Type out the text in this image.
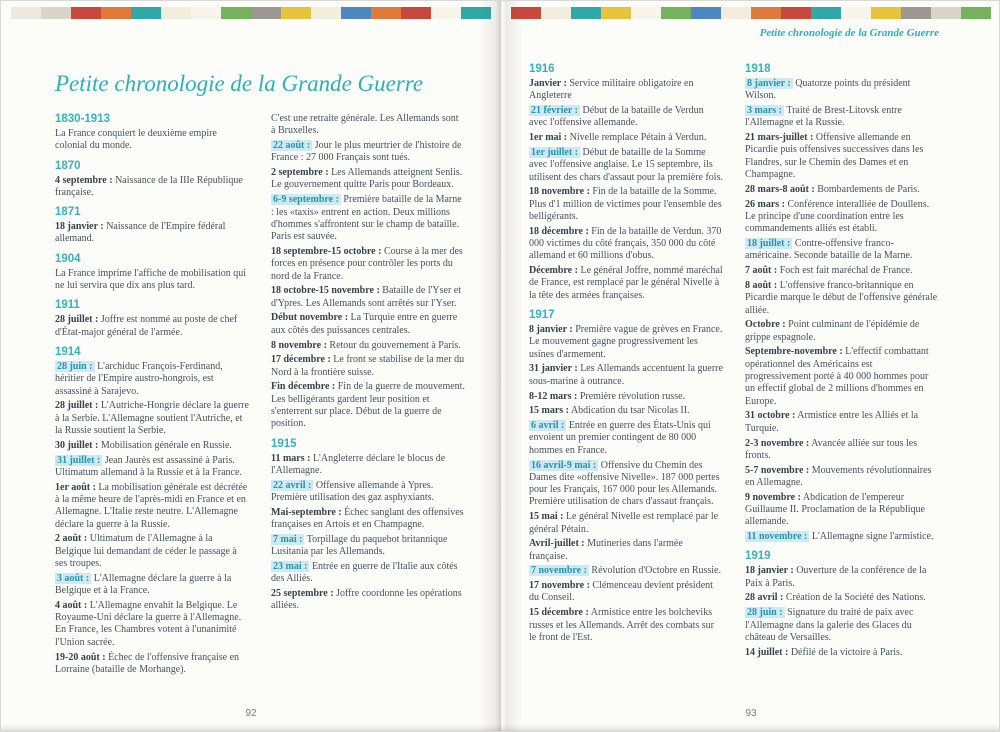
Petite chronologie de la Grande Guerre
1830-1913

La France conquiert le deuxième empire colonial du monde.

1870

4 septembre : Naissance de la IIIe République française.

1871

18 janvier : Naissance de l'Empire fédéral allemand.

1904

La France imprime l'affiche de mobilisation qui ne lui servira que dix ans plus tard.

1911

28 juillet : Joffre est nommé au poste de chef d'État-major général de l'armée.

1914

28 juin : L'archiduc François-Ferdinand, héritier de l'Empire austro-hongrois, est assassiné à Sarajevo.

28 juillet : L'Autriche-Hongrie déclare la guerre à la Serbie. L'Allemagne soutient l'Autriche, et la Russie soutient la Serbie.

30 juillet : Mobilisation générale en Russie.

31 juillet : Jean Jaurès est assassiné à Paris. Ultimatum allemand à la Russie et à la France.

1er août : La mobilisation générale est décrétée à la même heure de l'après-midi en France et en Allemagne. L'Italie reste neutre. L'Allemagne déclare la guerre à la Russie.

2 août : Ultimatum de l'Allemagne à la Belgique lui demandant de céder le passage à ses troupes.

3 août : L'Allemagne déclare la guerre à la Belgique et à la France.

4 août : L'Allemagne envahit la Belgique. Le Royaume-Uni déclare la guerre à l'Allemagne. En France, les Chambres votent à l'unanimité l'Union sacrée.

19-20 août : Échec de l'offensive française en Lorraine (bataille de Morhange).

C'est une retraite générale. Les Allemands sont à Bruxelles.

22 août : Jour le plus meurtrier de l'histoire de France : 27 000 Français sont tués.

2 septembre : Les Allemands atteignent Senlis. Le gouvernement quitte Paris pour Bordeaux.

6-9 septembre : Première bataille de la Marne : les «taxis» entrent en action. Deux millions d'hommes s'affrontent sur le champ de bataille. Paris est sauvée.

18 septembre-15 octobre : Course à la mer des forces en présence pour contrôler les ports du nord de la France.

18 octobre-15 novembre : Bataille de l'Yser et d'Ypres. Les Allemands sont arrêtés sur l'Yser.

Début novembre : La Turquie entre en guerre aux côtés des puissances centrales.

8 novembre : Retour du gouvernement à Paris.

17 décembre : Le front se stabilise de la mer du Nord à la frontière suisse.

Fin décembre : Fin de la guerre de mouvement. Les belligérants gardent leur position et s'enterrent sur place. Début de la guerre de position.

1915

11 mars : L'Angleterre déclare le blocus de l'Allemagne.

22 avril : Offensive allemande à Ypres. Première utilisation des gaz asphyxiants.

Mai-septembre : Échec sanglant des offensives françaises en Artois et en Champagne.

7 mai : Torpillage du paquebot britannique Lusitania par les Allemands.

23 mai : Entrée en guerre de l'Italie aux côtés des Alliés.

25 septembre : Joffre coordonne les opérations alliées.

92
Petite chronologie de la Grande Guerre
1916

Janvier : Service militaire obligatoire en Angleterre

21 février : Début de la bataille de Verdun avec l'offensive allemande.

1er mai : Nivelle remplace Pétain à Verdun.

1er juillet : Début de bataille de la Somme avec l'offensive anglaise. Le 15 septembre, ils utilisent des chars d'assaut pour la première fois.

18 novembre : Fin de la bataille de la Somme. Plus d'1 million de victimes pour l'ensemble des belligérants.

18 décembre : Fin de la bataille de Verdun. 370 000 victimes du côté français, 350 000 du côté allemand et 60 millions d'obus.

Décembre : Le général Joffre, nommé maréchal de France, est remplacé par le général Nivelle à la tête des armées françaises.

1917

8 janvier : Première vague de grèves en France. Le mouvement gagne progressivement les usines d'armement.

31 janvier : Les Allemands accentuent la guerre sous-marine à outrance.

8-12 mars : Première révolution russe.

15 mars : Abdication du tsar Nicolas II.

6 avril : Entrée en guerre des États-Unis qui envoient un premier contingent de 80 000 hommes en France.

16 avril-9 mai : Offensive du Chemin des Dames dite «offensive Nivelle». 187 000 pertes pour les Français, 167 000 pour les Allemands. Première utilisation de chars d'assaut français.

15 mai : Le général Nivelle est remplacé par le général Pétain.

Avril-juillet : Mutineries dans l'armée française.

7 novembre : Révolution d'Octobre en Russie.

17 novembre : Clémenceau devient président du Conseil.

15 décembre : Armistice entre les bolcheviks russes et les Allemands. Arrêt des combats sur le front de l'Est.

1918

8 janvier : Quatorze points du président Wilson.

3 mars : Traité de Brest-Litovsk entre l'Allemagne et la Russie.

21 mars-juillet : Offensive allemande en Picardie puis offensives successives dans les Flandres, sur le Chemin des Dames et en Champagne.

28 mars-8 août : Bombardements de Paris.

26 mars : Conférence interalliée de Doullens. Le principe d'une coordination entre les commandements alliés est établi.

18 juillet : Contre-offensive franco-américaine. Seconde bataille de la Marne.

7 août : Foch est fait maréchal de France.

8 août : L'offensive franco-britannique en Picardie marque le début de l'offensive générale alliée.

Octobre : Point culminant de l'épidémie de grippe espagnole.

Septembre-novembre : L'effectif combattant opérationnel des Américains est progressivement porté à 40 000 hommes pour un effectif global de 2 millions d'hommes en Europe.

31 octobre : Armistice entre les Alliés et la Turquie.

2-3 novembre : Avancée alliée sur tous les fronts.

5-7 novembre : Mouvements révolutionnaires en Allemagne.

9 novembre : Abdication de l'empereur Guillaume II. Proclamation de la République allemande.

11 novembre : L'Allemagne signe l'armistice.

1919

18 janvier : Ouverture de la conférence de la Paix à Paris.

28 avril : Création de la Société des Nations.

28 juin : Signature du traité de paix avec l'Allemagne dans la galerie des Glaces du château de Versailles.

14 juillet : Défilé de la victoire à Paris.

93
